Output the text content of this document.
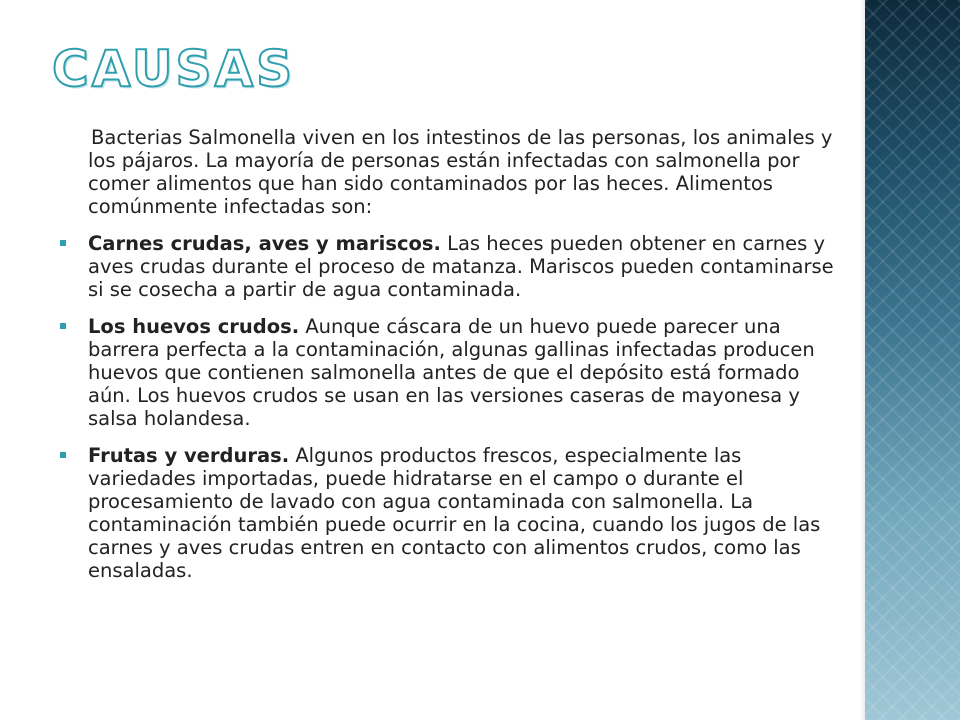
CAUSAS

Bacterias Salmonella viven en los intestinos de las personas, los animales y los pájaros. La mayoría de personas están infectadas con salmonella por comer alimentos que han sido contaminados por las heces. Alimentos comúnmente infectadas son:

Carnes crudas, aves y mariscos. Las heces pueden obtener en carnes y aves crudas durante el proceso de matanza. Mariscos pueden contaminarse si se cosecha a partir de agua contaminada.
Los huevos crudos. Aunque cáscara de un huevo puede parecer una barrera perfecta a la contaminación, algunas gallinas infectadas producen huevos que contienen salmonella antes de que el depósito está formado aún. Los huevos crudos se usan en las versiones caseras de mayonesa y salsa holandesa.
Frutas y verduras. Algunos productos frescos, especialmente las variedades importadas, puede hidratarse en el campo o durante el procesamiento de lavado con agua contaminada con salmonella. La contaminación también puede ocurrir en la cocina, cuando los jugos de las carnes y aves crudas entren en contacto con alimentos crudos, como las ensaladas.
